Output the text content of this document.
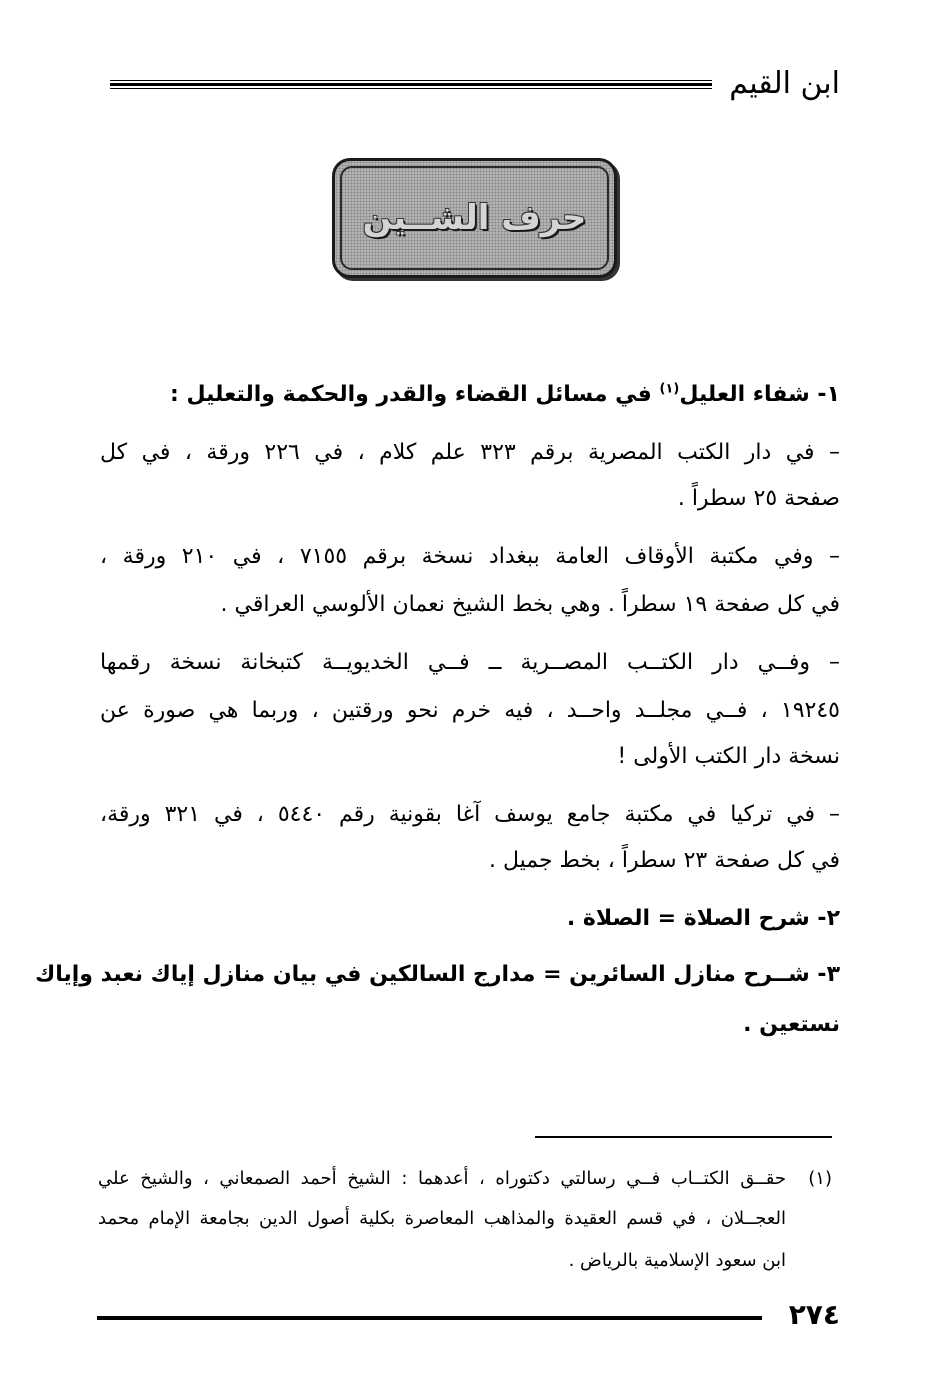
ابن القيم
حرف الشــين
١- شفاء العليل$^{(١)}$ في مسائل القضاء والقدر والحكمة والتعليل :
– في دار الكتب المصرية برقم ٣٢٣ علم كلام ، في ٢٢٦ ورقة ، في كل
صفحة ٢٥ سطراً .
– وفي مكتبة الأوقاف العامة ببغداد نسخة برقم ٧١٥٥ ، في ٢١٠ ورقة ،
في كل صفحة ١٩ سطراً . وهي بخط الشيخ نعمان الألوسي العراقي .
– وفــي دار الكتــب المصــرية ــ فــي الخديويــة كتبخانة نسخة رقمها
١٩٢٤٥ ، فــي مجلــد واحــد ، فيه خرم نحو ورقتين ، وربما هي صورة عن
نسخة دار الكتب الأولى !
– في تركيا في مكتبة جامع يوسف آغا بقونية رقم ٥٤٤٠ ، في ٣٢١ ورقة،
في كل صفحة ٢٣ سطراً ، بخط جميل .
٢- شرح الصلاة = الصلاة .
٣- شــرح منازل السائرين = مدارج السالكين في بيان منازل إياك نعبد وإياك
نستعين .
(١)
حقــق الكتــاب فــي رسالتي دكتوراه ، أعدهما : الشيخ أحمد الصمعاني ، والشيخ علي
العجــلان ، في قسم العقيدة والمذاهب المعاصرة بكلية أصول الدين بجامعة الإمام محمد
ابن سعود الإسلامية بالرياض .
٢٧٤
